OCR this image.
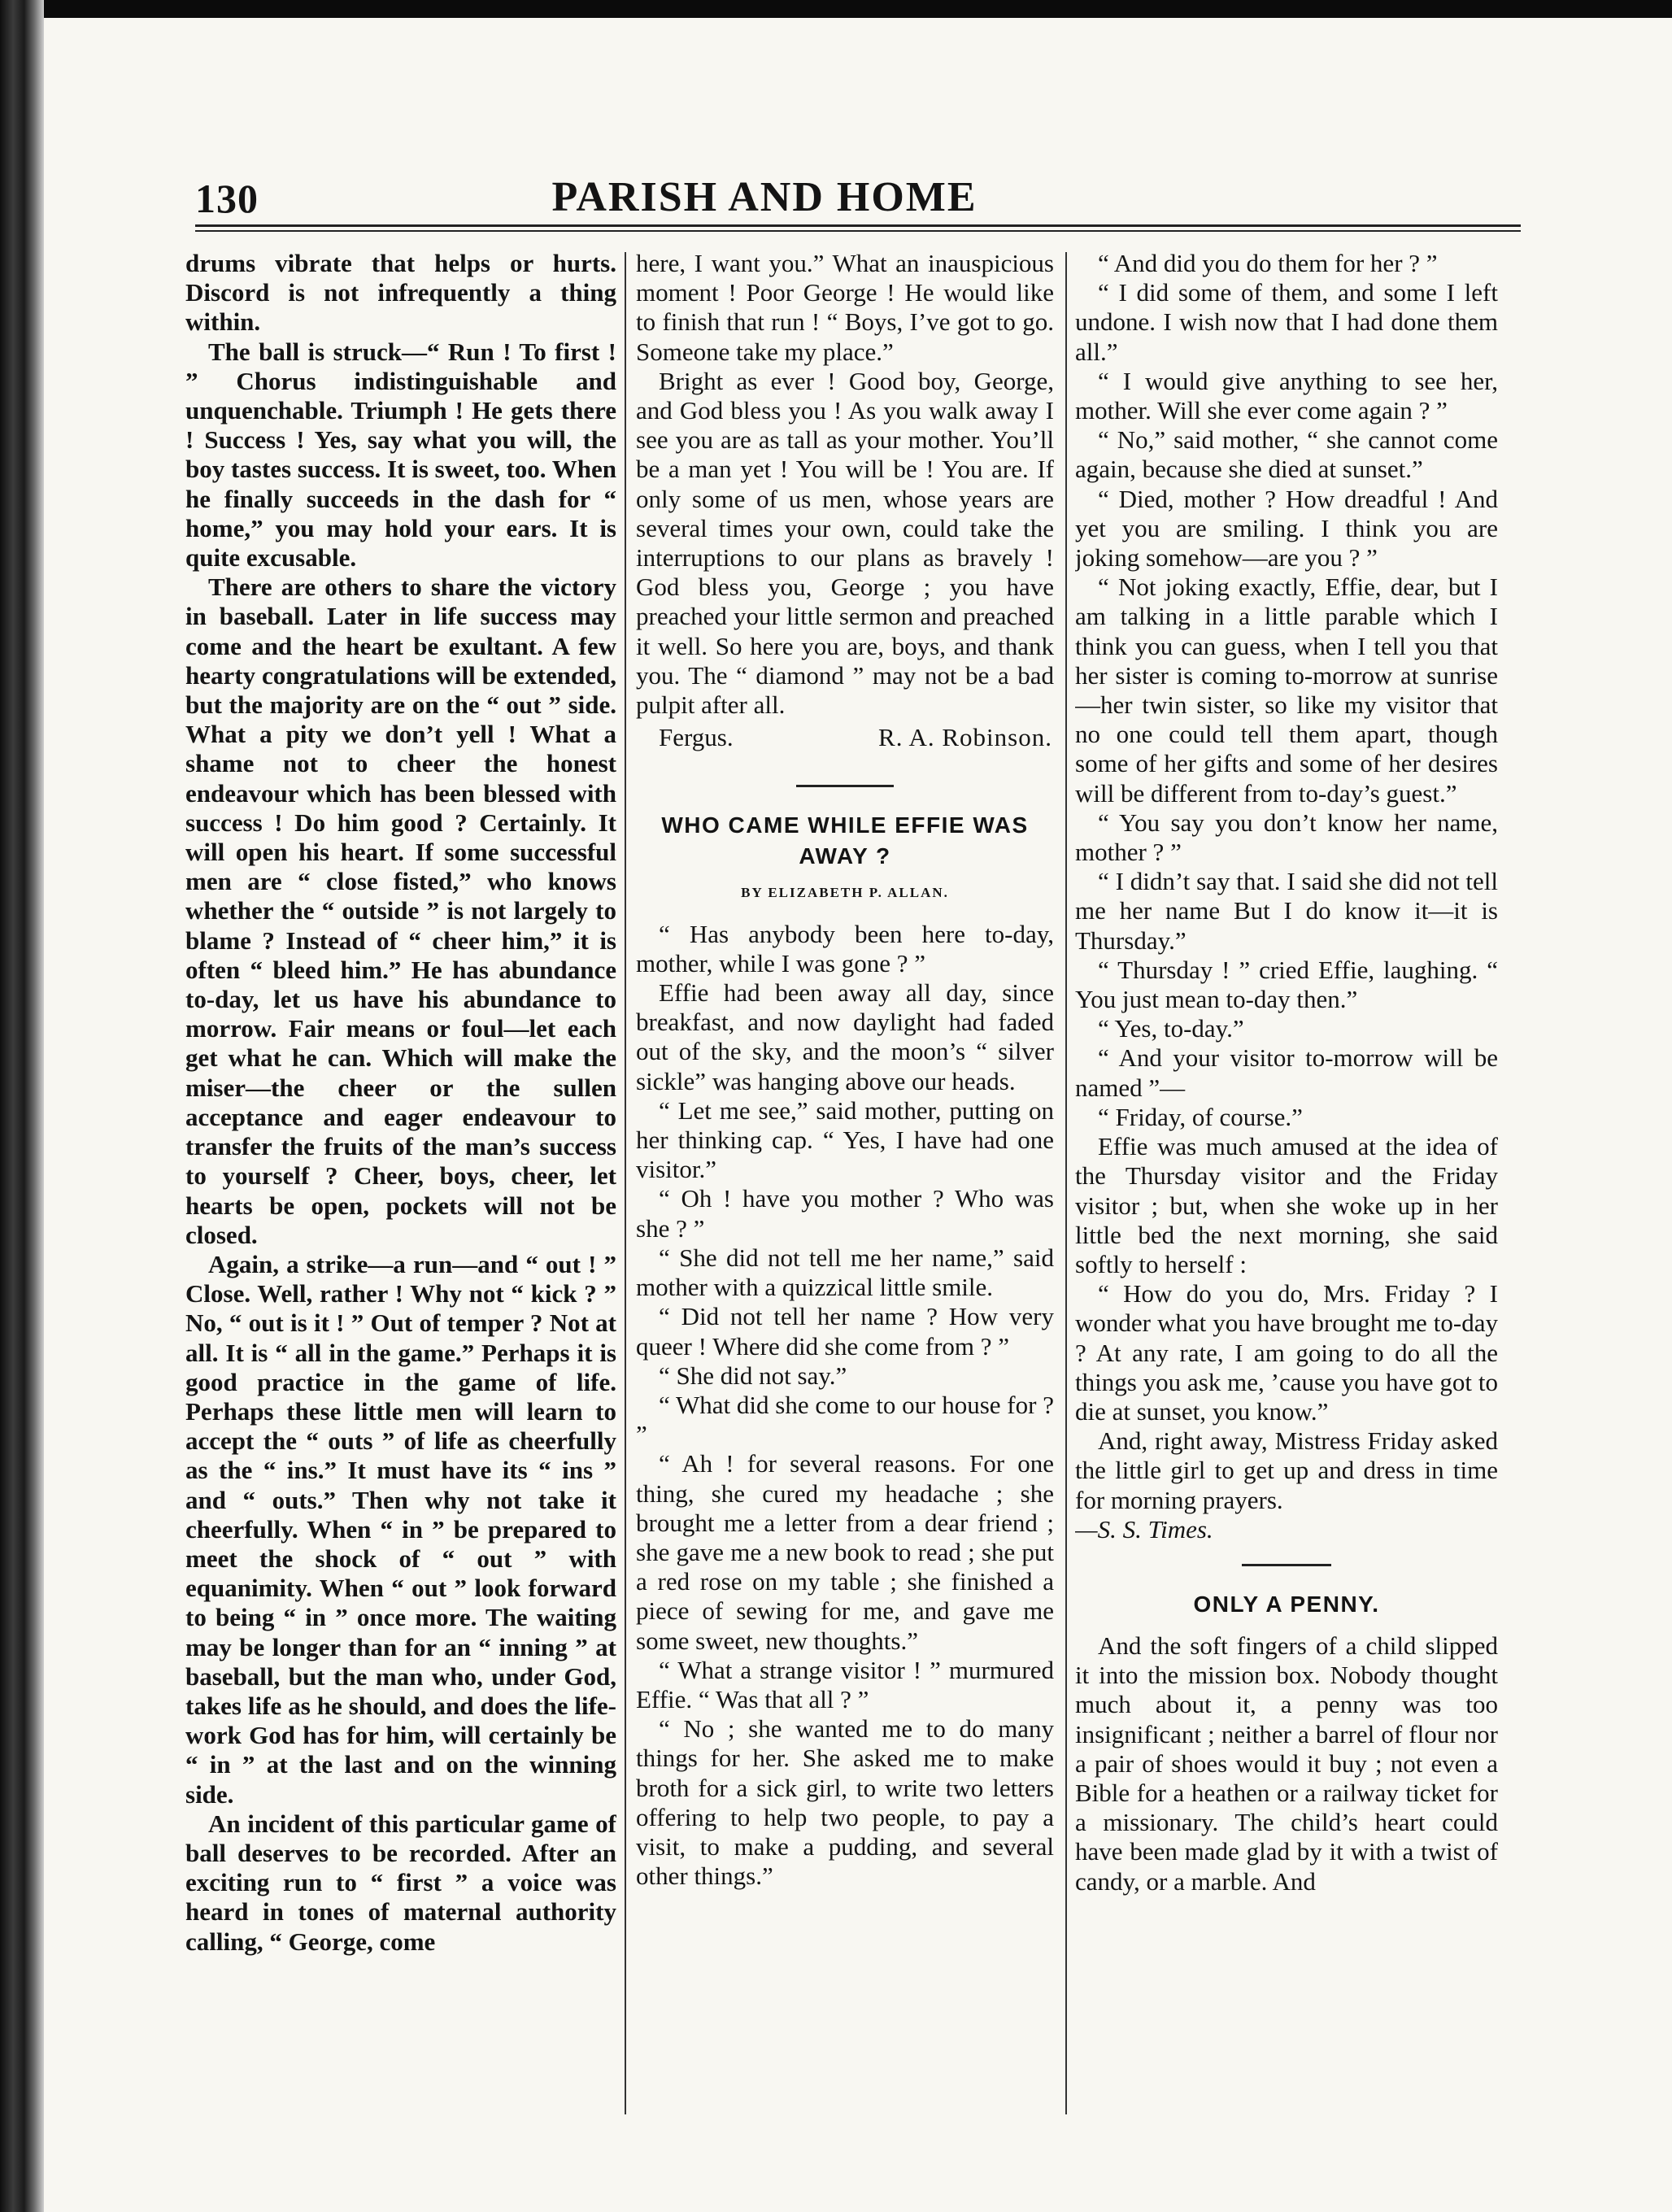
130	PARISH AND HOME

drums vibrate that helps or hurts. Discord is not infrequently a thing within.

The ball is struck—“ Run ! To first ! ” Chorus indistinguishable and unquenchable. Triumph ! He gets there ! Success ! Yes, say what you will, the boy tastes success. It is sweet, too. When he finally succeeds in the dash for “ home,” you may hold your ears. It is quite excusable.

There are others to share the victory in baseball. Later in life success may come and the heart be exultant. A few hearty congratulations will be extended, but the majority are on the “ out ” side. What a pity we don’t yell ! What a shame not to cheer the honest endeavour which has been blessed with success ! Do him good ? Certainly. It will open his heart. If some successful men are “ close fisted,” who knows whether the “ outside ” is not largely to blame ? Instead of “ cheer him,” it is often “ bleed him.” He has abundance to-day, let us have his abundance to morrow. Fair means or foul—let each get what he can. Which will make the miser—the cheer or the sullen acceptance and eager endeavour to transfer the fruits of the man’s success to yourself ? Cheer, boys, cheer, let hearts be open, pockets will not be closed.

Again, a strike—a run—and “ out ! ” Close. Well, rather ! Why not “ kick ? ” No, “ out is it ! ” Out of temper ? Not at all. It is “ all in the game.” Perhaps it is good practice in the game of life. Perhaps these little men will learn to accept the “ outs ” of life as cheerfully as the “ ins.” It must have its “ ins ” and “ outs.” Then why not take it cheerfully. When “ in ” be prepared to meet the shock of “ out ” with equanimity. When “ out ” look forward to being “ in ” once more. The waiting may be longer than for an “ inning ” at baseball, but the man who, under God, takes life as he should, and does the life-work God has for him, will certainly be “ in ” at the last and on the winning side.

An incident of this particular game of ball deserves to be recorded. After an exciting run to “ first ” a voice was heard in tones of maternal authority calling, “ George, come

here, I want you.” What an inauspicious moment ! Poor George ! He would like to finish that run ! “ Boys, I’ve got to go. Someone take my place.”

Bright as ever ! Good boy, George, and God bless you ! As you walk away I see you are as tall as your mother. You’ll be a man yet ! You will be ! You are. If only some of us men, whose years are several times your own, could take the interruptions to our plans as bravely ! God bless you, George ; you have preached your little sermon and preached it well. So here you are, boys, and thank you. The “ diamond ” may not be a bad pulpit after all.

Fergus.	R. A. Robinson.
WHO CAME WHILE EFFIE WAS AWAY ?
BY ELIZABETH P. ALLAN.

“ Has anybody been here to-day, mother, while I was gone ? ”

Effie had been away all day, since breakfast, and now daylight had faded out of the sky, and the moon’s “ silver sickle” was hanging above our heads.

“ Let me see,” said mother, putting on her thinking cap. “ Yes, I have had one visitor.”

“ Oh ! have you mother ? Who was she ? ”

“ She did not tell me her name,” said mother with a quizzical little smile.

“ Did not tell her name ? How very queer ! Where did she come from ? ”

“ She did not say.”

“ What did she come to our house for ? ”

“ Ah ! for several reasons. For one thing, she cured my headache ; she brought me a letter from a dear friend ; she gave me a new book to read ; she put a red rose on my table ; she finished a piece of sewing for me, and gave me some sweet, new thoughts.”

“ What a strange visitor ! ” murmured Effie. “ Was that all ? ”

“ No ; she wanted me to do many things for her. She asked me to make broth for a sick girl, to write two letters offering to help two people, to pay a visit, to make a pudding, and several other things.”

“ And did you do them for her ? ”

“ I did some of them, and some I left undone. I wish now that I had done them all.”

“ I would give anything to see her, mother. Will she ever come again ? ”

“ No,” said mother, “ she cannot come again, because she died at sunset.”

“ Died, mother ? How dreadful ! And yet you are smiling. I think you are joking somehow—are you ? ”

“ Not joking exactly, Effie, dear, but I am talking in a little parable which I think you can guess, when I tell you that her sister is coming to-morrow at sunrise—her twin sister, so like my visitor that no one could tell them apart, though some of her gifts and some of her desires will be different from to-day’s guest.”

“ You say you don’t know her name, mother ? ”

“ I didn’t say that. I said she did not tell me her name But I do know it—it is Thursday.”

“ Thursday ! ” cried Effie, laughing. “ You just mean to-day then.”

“ Yes, to-day.”

“ And your visitor to-morrow will be named ”—

“ Friday, of course.”

Effie was much amused at the idea of the Thursday visitor and the Friday visitor ; but, when she woke up in her little bed the next morning, she said softly to herself :

“ How do you do, Mrs. Friday ? I wonder what you have brought me to-day ? At any rate, I am going to do all the things you ask me, ’cause you have got to die at sunset, you know.”

And, right away, Mistress Friday asked the little girl to get up and dress in time for morning prayers.

—S. S. Times.

ONLY A PENNY.

And the soft fingers of a child slipped it into the mission box. Nobody thought much about it, a penny was too insignificant ; neither a barrel of flour nor a pair of shoes would it buy ; not even a Bible for a heathen or a railway ticket for a missionary. The child’s heart could have been made glad by it with a twist of candy, or a marble. And
